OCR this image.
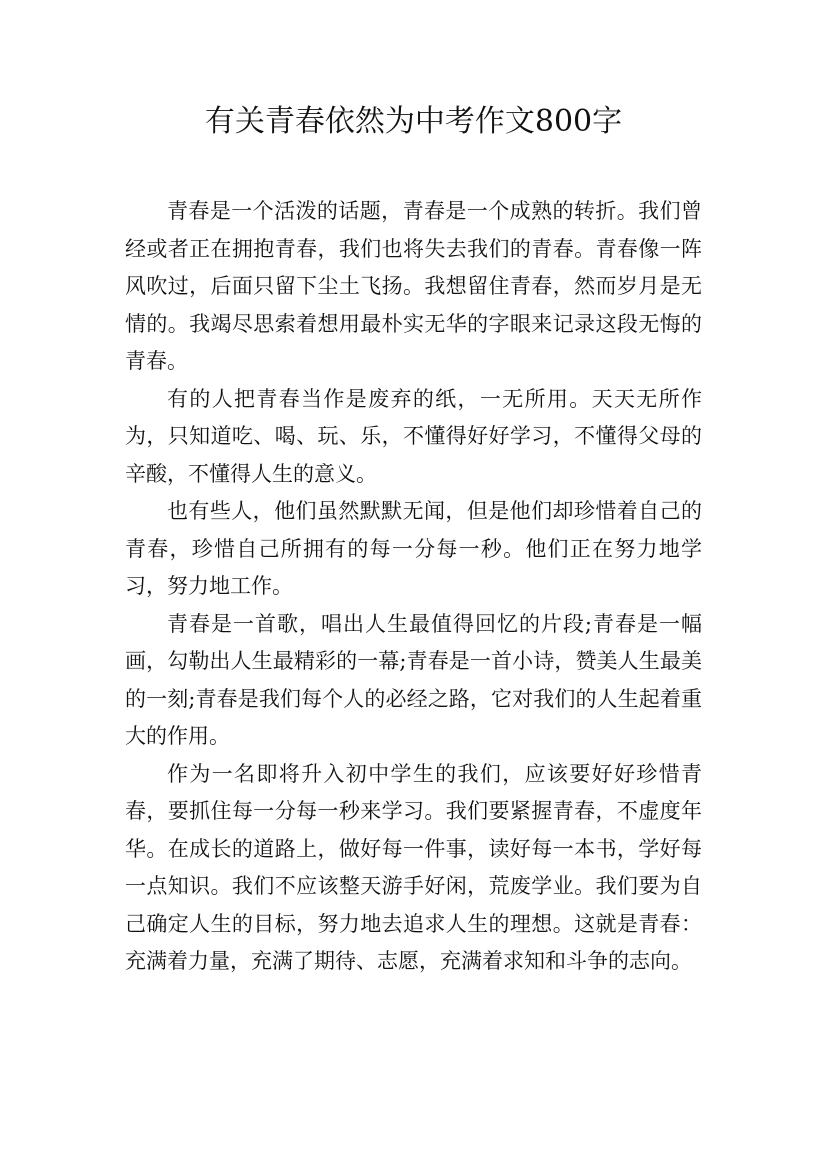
有关青春依然为中考作文800字

青春是一个活泼的话题，青春是一个成熟的转折。我们曾经或者正在拥抱青春，我们也将失去我们的青春。青春像一阵风吹过，后面只留下尘土飞扬。我想留住青春，然而岁月是无情的。我竭尽思索着想用最朴实无华的字眼来记录这段无悔的青春。

有的人把青春当作是废弃的纸，一无所用。天天无所作为，只知道吃、喝、玩、乐，不懂得好好学习，不懂得父母的辛酸，不懂得人生的意义。

也有些人，他们虽然默默无闻，但是他们却珍惜着自己的青春，珍惜自己所拥有的每一分每一秒。他们正在努力地学习，努力地工作。

青春是一首歌，唱出人生最值得回忆的片段;青春是一幅画，勾勒出人生最精彩的一幕;青春是一首小诗，赞美人生最美的一刻;青春是我们每个人的必经之路，它对我们的人生起着重大的作用。

作为一名即将升入初中学生的我们，应该要好好珍惜青春，要抓住每一分每一秒来学习。我们要紧握青春，不虚度年华。在成长的道路上，做好每一件事，读好每一本书，学好每一点知识。我们不应该整天游手好闲，荒废学业。我们要为自己确定人生的目标，努力地去追求人生的理想。这就是青春：充满着力量，充满了期待、志愿，充满着求知和斗争的志向。
